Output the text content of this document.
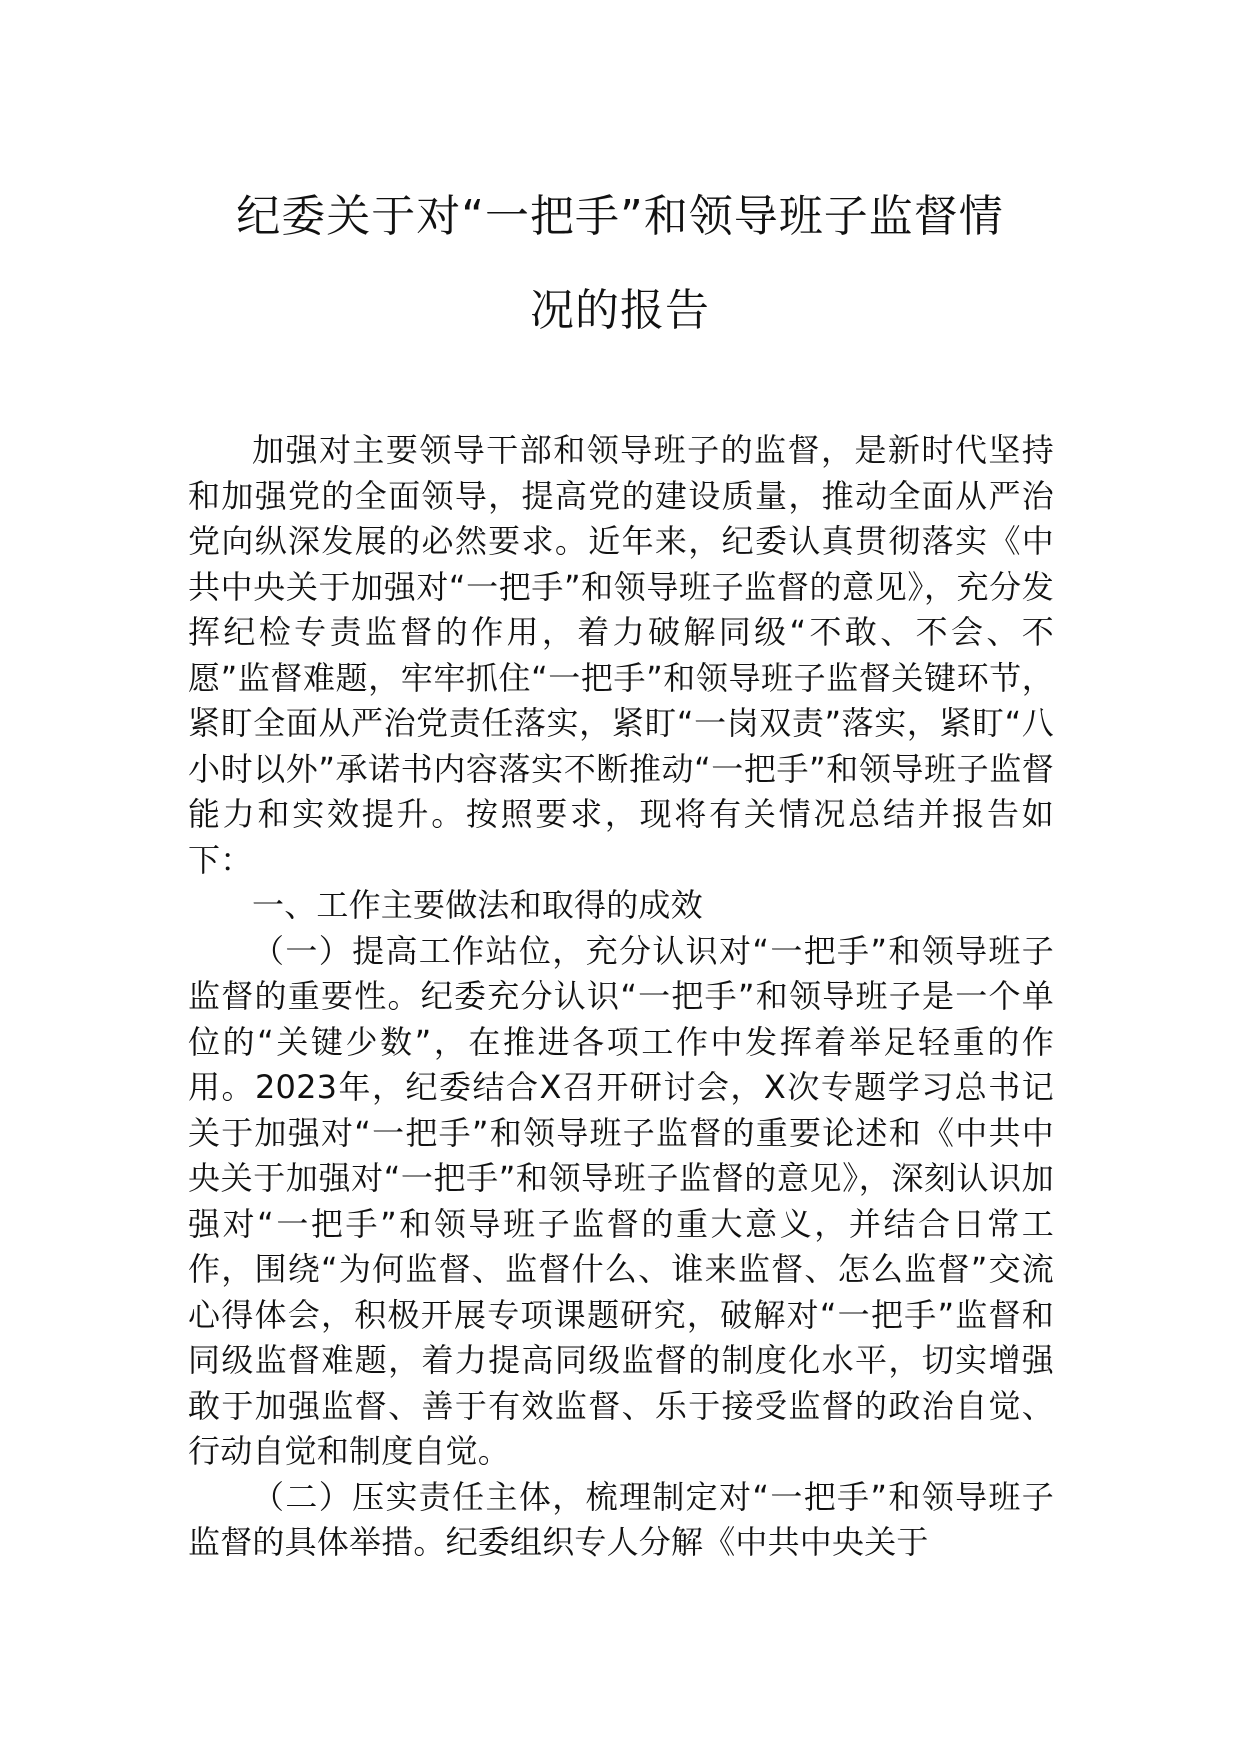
纪委关于对“一把手”和领导班子监督情
况的报告

加强对主要领导干部和领导班子的监督，是新时代坚持和加强党的全面领导，提高党的建设质量，推动全面从严治党向纵深发展的必然要求。近年来，纪委认真贯彻落实《中共中央关于加强对“一把手”和领导班子监督的意见》，充分发挥纪检专责监督的作用，着力破解同级“不敢、不会、不愿”监督难题，牢牢抓住“一把手”和领导班子监督关键环节，紧盯全面从严治党责任落实，紧盯“一岗双责”落实，紧盯“八小时以外”承诺书内容落实不断推动“一把手”和领导班子监督能力和实效提升。按照要求，现将有关情况总结并报告如下：

一、工作主要做法和取得的成效

（一）提高工作站位，充分认识对“一把手”和领导班子监督的重要性。纪委充分认识“一把手”和领导班子是一个单位的“关键少数”，在推进各项工作中发挥着举足轻重的作用。2023年，纪委结合X召开研讨会，X次专题学习总书记关于加强对“一把手”和领导班子监督的重要论述和《中共中央关于加强对“一把手”和领导班子监督的意见》，深刻认识加强对“一把手”和领导班子监督的重大意义，并结合日常工作，围绕“为何监督、监督什么、谁来监督、怎么监督”交流心得体会，积极开展专项课题研究，破解对“一把手”监督和同级监督难题，着力提高同级监督的制度化水平，切实增强敢于加强监督、善于有效监督、乐于接受监督的政治自觉、行动自觉和制度自觉。

（二）压实责任主体，梳理制定对“一把手”和领导班子监督的具体举措。纪委组织专人分解《中共中央关于
